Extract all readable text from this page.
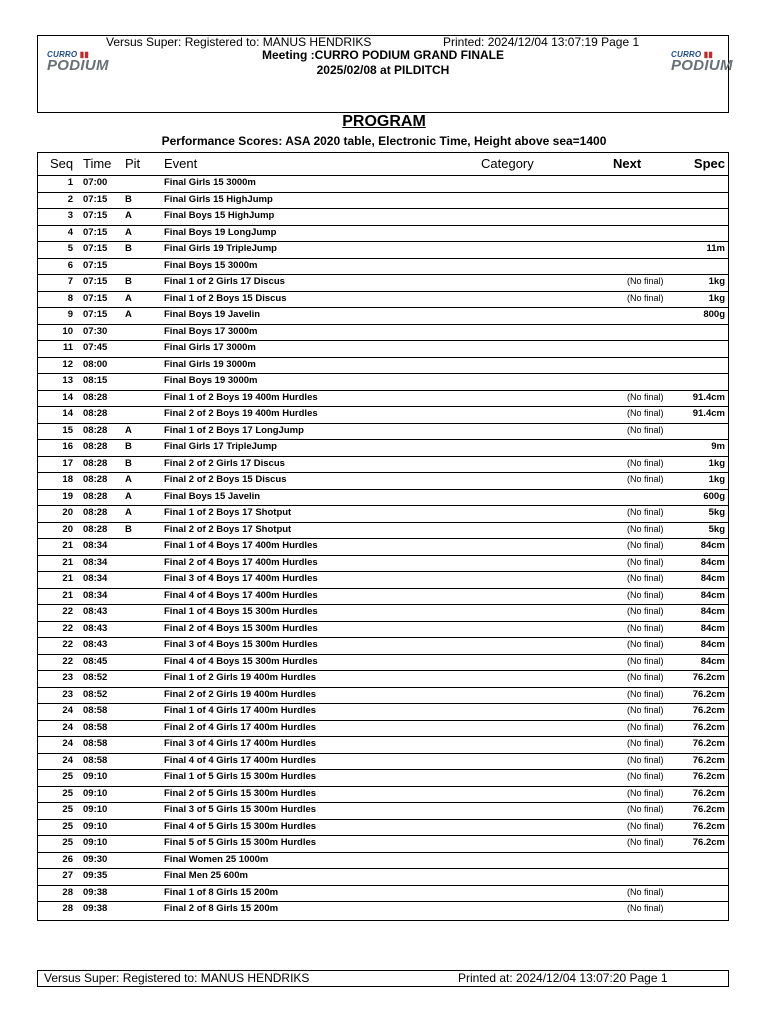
Versus Super: Registered to: MANUS HENDRIKS	Printed: 2024/12/04 13:07:19 Page 1
Meeting :CURRO PODIUM GRAND FINALE
2025/02/08 at PILDITCH
CURRO ▮▮
PODIUM
CURRO ▮▮
PODIUM
PROGRAM
Performance Scores: ASA 2020 table, Electronic Time, Height above sea=1400
Seq Time Pit Event	Category	Next	Spec
1 07:00	Final Girls 15 3000m
2 07:15 B	Final Girls 15 HighJump
3 07:15 A	Final Boys 15 HighJump
4 07:15 A	Final Boys 19 LongJump
5 07:15 B	Final Girls 19 TripleJump	11m
6 07:15	Final Boys 15 3000m
7 07:15 B	Final 1 of 2 Girls 17 Discus	(No final)	1kg
8 07:15 A	Final 1 of 2 Boys 15 Discus	(No final)	1kg
9 07:15 A	Final Boys 19 Javelin	800g
10 07:30	Final Boys 17 3000m
11 07:45	Final Girls 17 3000m
12 08:00	Final Girls 19 3000m
13 08:15	Final Boys 19 3000m
14 08:28	Final 1 of 2 Boys 19 400m Hurdles	(No final)	91.4cm
14 08:28	Final 2 of 2 Boys 19 400m Hurdles	(No final)	91.4cm
15 08:28 A	Final 1 of 2 Boys 17 LongJump	(No final)
16 08:28 B	Final Girls 17 TripleJump	9m
17 08:28 B	Final 2 of 2 Girls 17 Discus	(No final)	1kg
18 08:28 A	Final 2 of 2 Boys 15 Discus	(No final)	1kg
19 08:28 A	Final Boys 15 Javelin	600g
20 08:28 A	Final 1 of 2 Boys 17 Shotput	(No final)	5kg
20 08:28 B	Final 2 of 2 Boys 17 Shotput	(No final)	5kg
21 08:34	Final 1 of 4 Boys 17 400m Hurdles	(No final)	84cm
21 08:34	Final 2 of 4 Boys 17 400m Hurdles	(No final)	84cm
21 08:34	Final 3 of 4 Boys 17 400m Hurdles	(No final)	84cm
21 08:34	Final 4 of 4 Boys 17 400m Hurdles	(No final)	84cm
22 08:43	Final 1 of 4 Boys 15 300m Hurdles	(No final)	84cm
22 08:43	Final 2 of 4 Boys 15 300m Hurdles	(No final)	84cm
22 08:43	Final 3 of 4 Boys 15 300m Hurdles	(No final)	84cm
22 08:45	Final 4 of 4 Boys 15 300m Hurdles	(No final)	84cm
23 08:52	Final 1 of 2 Girls 19 400m Hurdles	(No final)	76.2cm
23 08:52	Final 2 of 2 Girls 19 400m Hurdles	(No final)	76.2cm
24 08:58	Final 1 of 4 Girls 17 400m Hurdles	(No final)	76.2cm
24 08:58	Final 2 of 4 Girls 17 400m Hurdles	(No final)	76.2cm
24 08:58	Final 3 of 4 Girls 17 400m Hurdles	(No final)	76.2cm
24 08:58	Final 4 of 4 Girls 17 400m Hurdles	(No final)	76.2cm
25 09:10	Final 1 of 5 Girls 15 300m Hurdles	(No final)	76.2cm
25 09:10	Final 2 of 5 Girls 15 300m Hurdles	(No final)	76.2cm
25 09:10	Final 3 of 5 Girls 15 300m Hurdles	(No final)	76.2cm
25 09:10	Final 4 of 5 Girls 15 300m Hurdles	(No final)	76.2cm
25 09:10	Final 5 of 5 Girls 15 300m Hurdles	(No final)	76.2cm
26 09:30	Final Women 25 1000m
27 09:35	Final Men 25 600m
28 09:38	Final 1 of 8 Girls 15 200m	(No final)
28 09:38	Final 2 of 8 Girls 15 200m	(No final)
Versus Super: Registered to: MANUS HENDRIKS	Printed at: 2024/12/04 13:07:20 Page 1
